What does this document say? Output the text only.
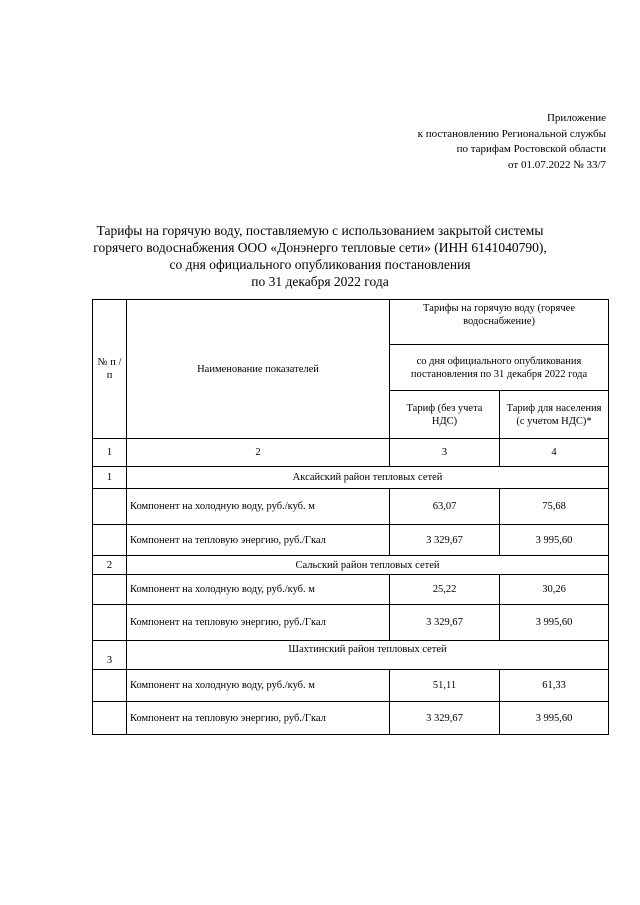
Приложение
к постановлению Региональной службы
по тарифам Ростовской области
от 01.07.2022 № 33/7
Тарифы на горячую воду, поставляемую с использованием закрытой системы
горячего водоснабжения ООО «Донэнерго тепловые сети» (ИНН 6141040790),
со дня официального опубликования постановления
по 31 декабря 2022 года
№ п /п	Наименование показателей	Тарифы на горячую воду (горячее водоснабжение)	
		со дня официального опубликования постановления по 31 декабря 2022 года	
		Тариф (без учета НДС)	Тариф для населения (с учетом НДС)*
1	2	3	4
1	Аксайский район тепловых сетей		
	Компонент на холодную воду, руб./куб. м	63,07	75,68
	Компонент на тепловую энергию, руб./Гкал	3 329,67	3 995,60
2	Сальский район тепловых сетей		
	Компонент на холодную воду, руб./куб. м	25,22	30,26
	Компонент на тепловую энергию, руб./Гкал	3 329,67	3 995,60
3	Шахтинский район тепловых сетей		
	Компонент на холодную воду, руб./куб. м	51,11	61,33
	Компонент на тепловую энергию, руб./Гкал	3 329,67	3 995,60
